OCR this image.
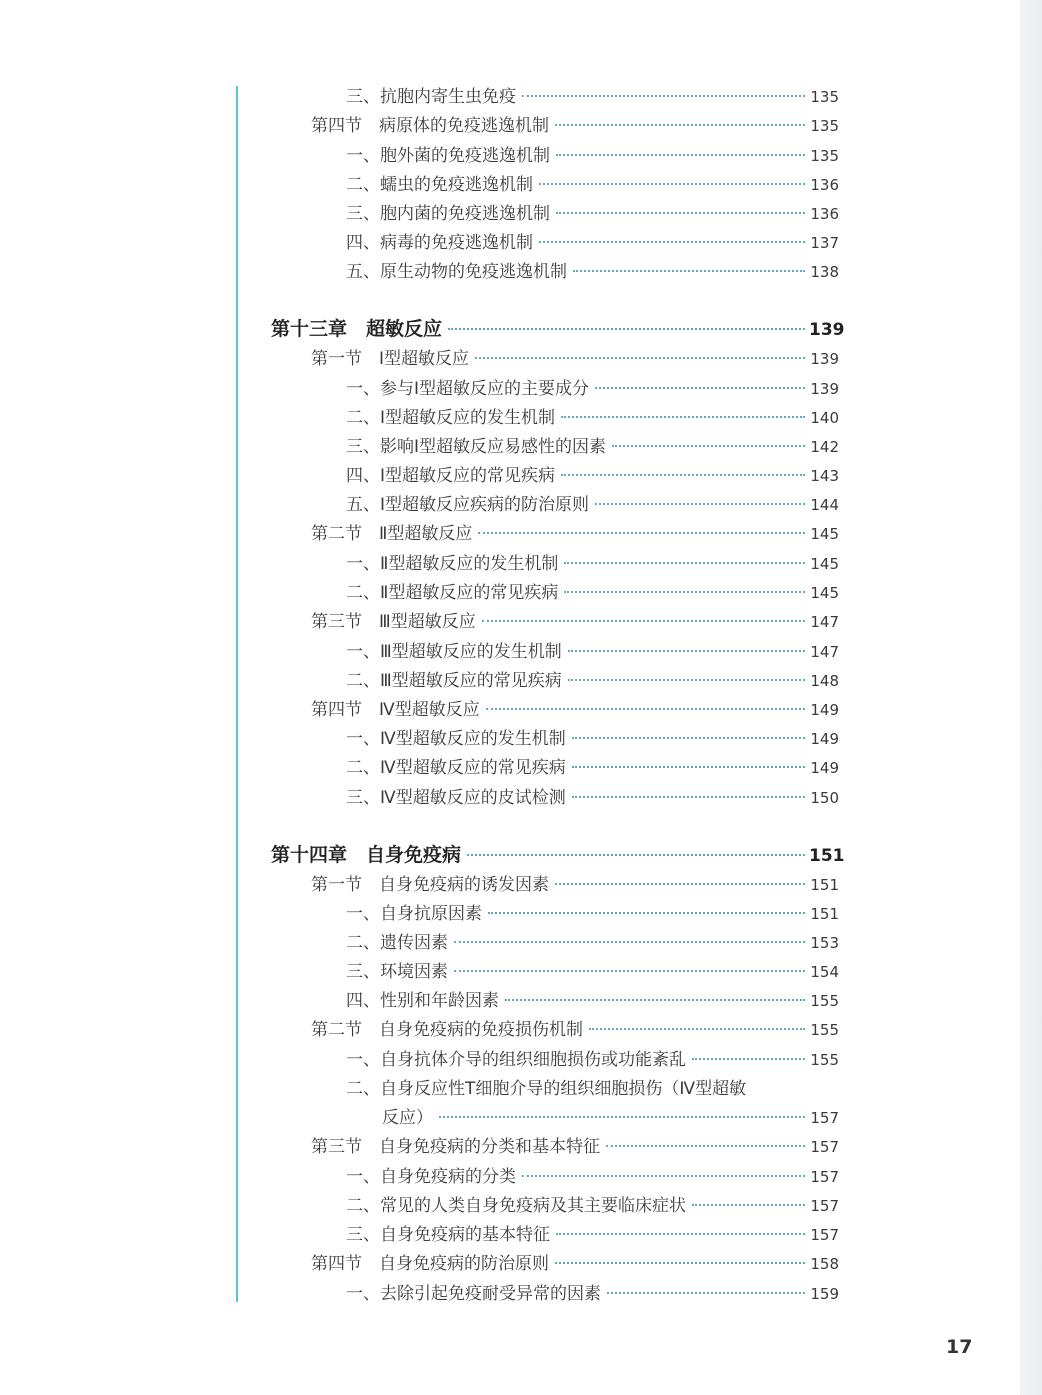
三、抗胞内寄生虫免疫	135
第四节　病原体的免疫逃逸机制	135
一、胞外菌的免疫逃逸机制	135
二、蠕虫的免疫逃逸机制	136
三、胞内菌的免疫逃逸机制	136
四、病毒的免疫逃逸机制	137
五、原生动物的免疫逃逸机制	138
第十三章　超敏反应	139
第一节　Ⅰ型超敏反应	139
一、参与Ⅰ型超敏反应的主要成分	139
二、Ⅰ型超敏反应的发生机制	140
三、影响Ⅰ型超敏反应易感性的因素	142
四、Ⅰ型超敏反应的常见疾病	143
五、Ⅰ型超敏反应疾病的防治原则	144
第二节　Ⅱ型超敏反应	145
一、Ⅱ型超敏反应的发生机制	145
二、Ⅱ型超敏反应的常见疾病	145
第三节　Ⅲ型超敏反应	147
一、Ⅲ型超敏反应的发生机制	147
二、Ⅲ型超敏反应的常见疾病	148
第四节　Ⅳ型超敏反应	149
一、Ⅳ型超敏反应的发生机制	149
二、Ⅳ型超敏反应的常见疾病	149
三、Ⅳ型超敏反应的皮试检测	150
第十四章　自身免疫病	151
第一节　自身免疫病的诱发因素	151
一、自身抗原因素	151
二、遗传因素	153
三、环境因素	154
四、性别和年龄因素	155
第二节　自身免疫病的免疫损伤机制	155
一、自身抗体介导的组织细胞损伤或功能紊乱	155
二、自身反应性T细胞介导的组织细胞损伤（Ⅳ型超敏
反应）	157
第三节　自身免疫病的分类和基本特征	157
一、自身免疫病的分类	157
二、常见的人类自身免疫病及其主要临床症状	157
三、自身免疫病的基本特征	157
第四节　自身免疫病的防治原则	158
一、去除引起免疫耐受异常的因素	159
17
